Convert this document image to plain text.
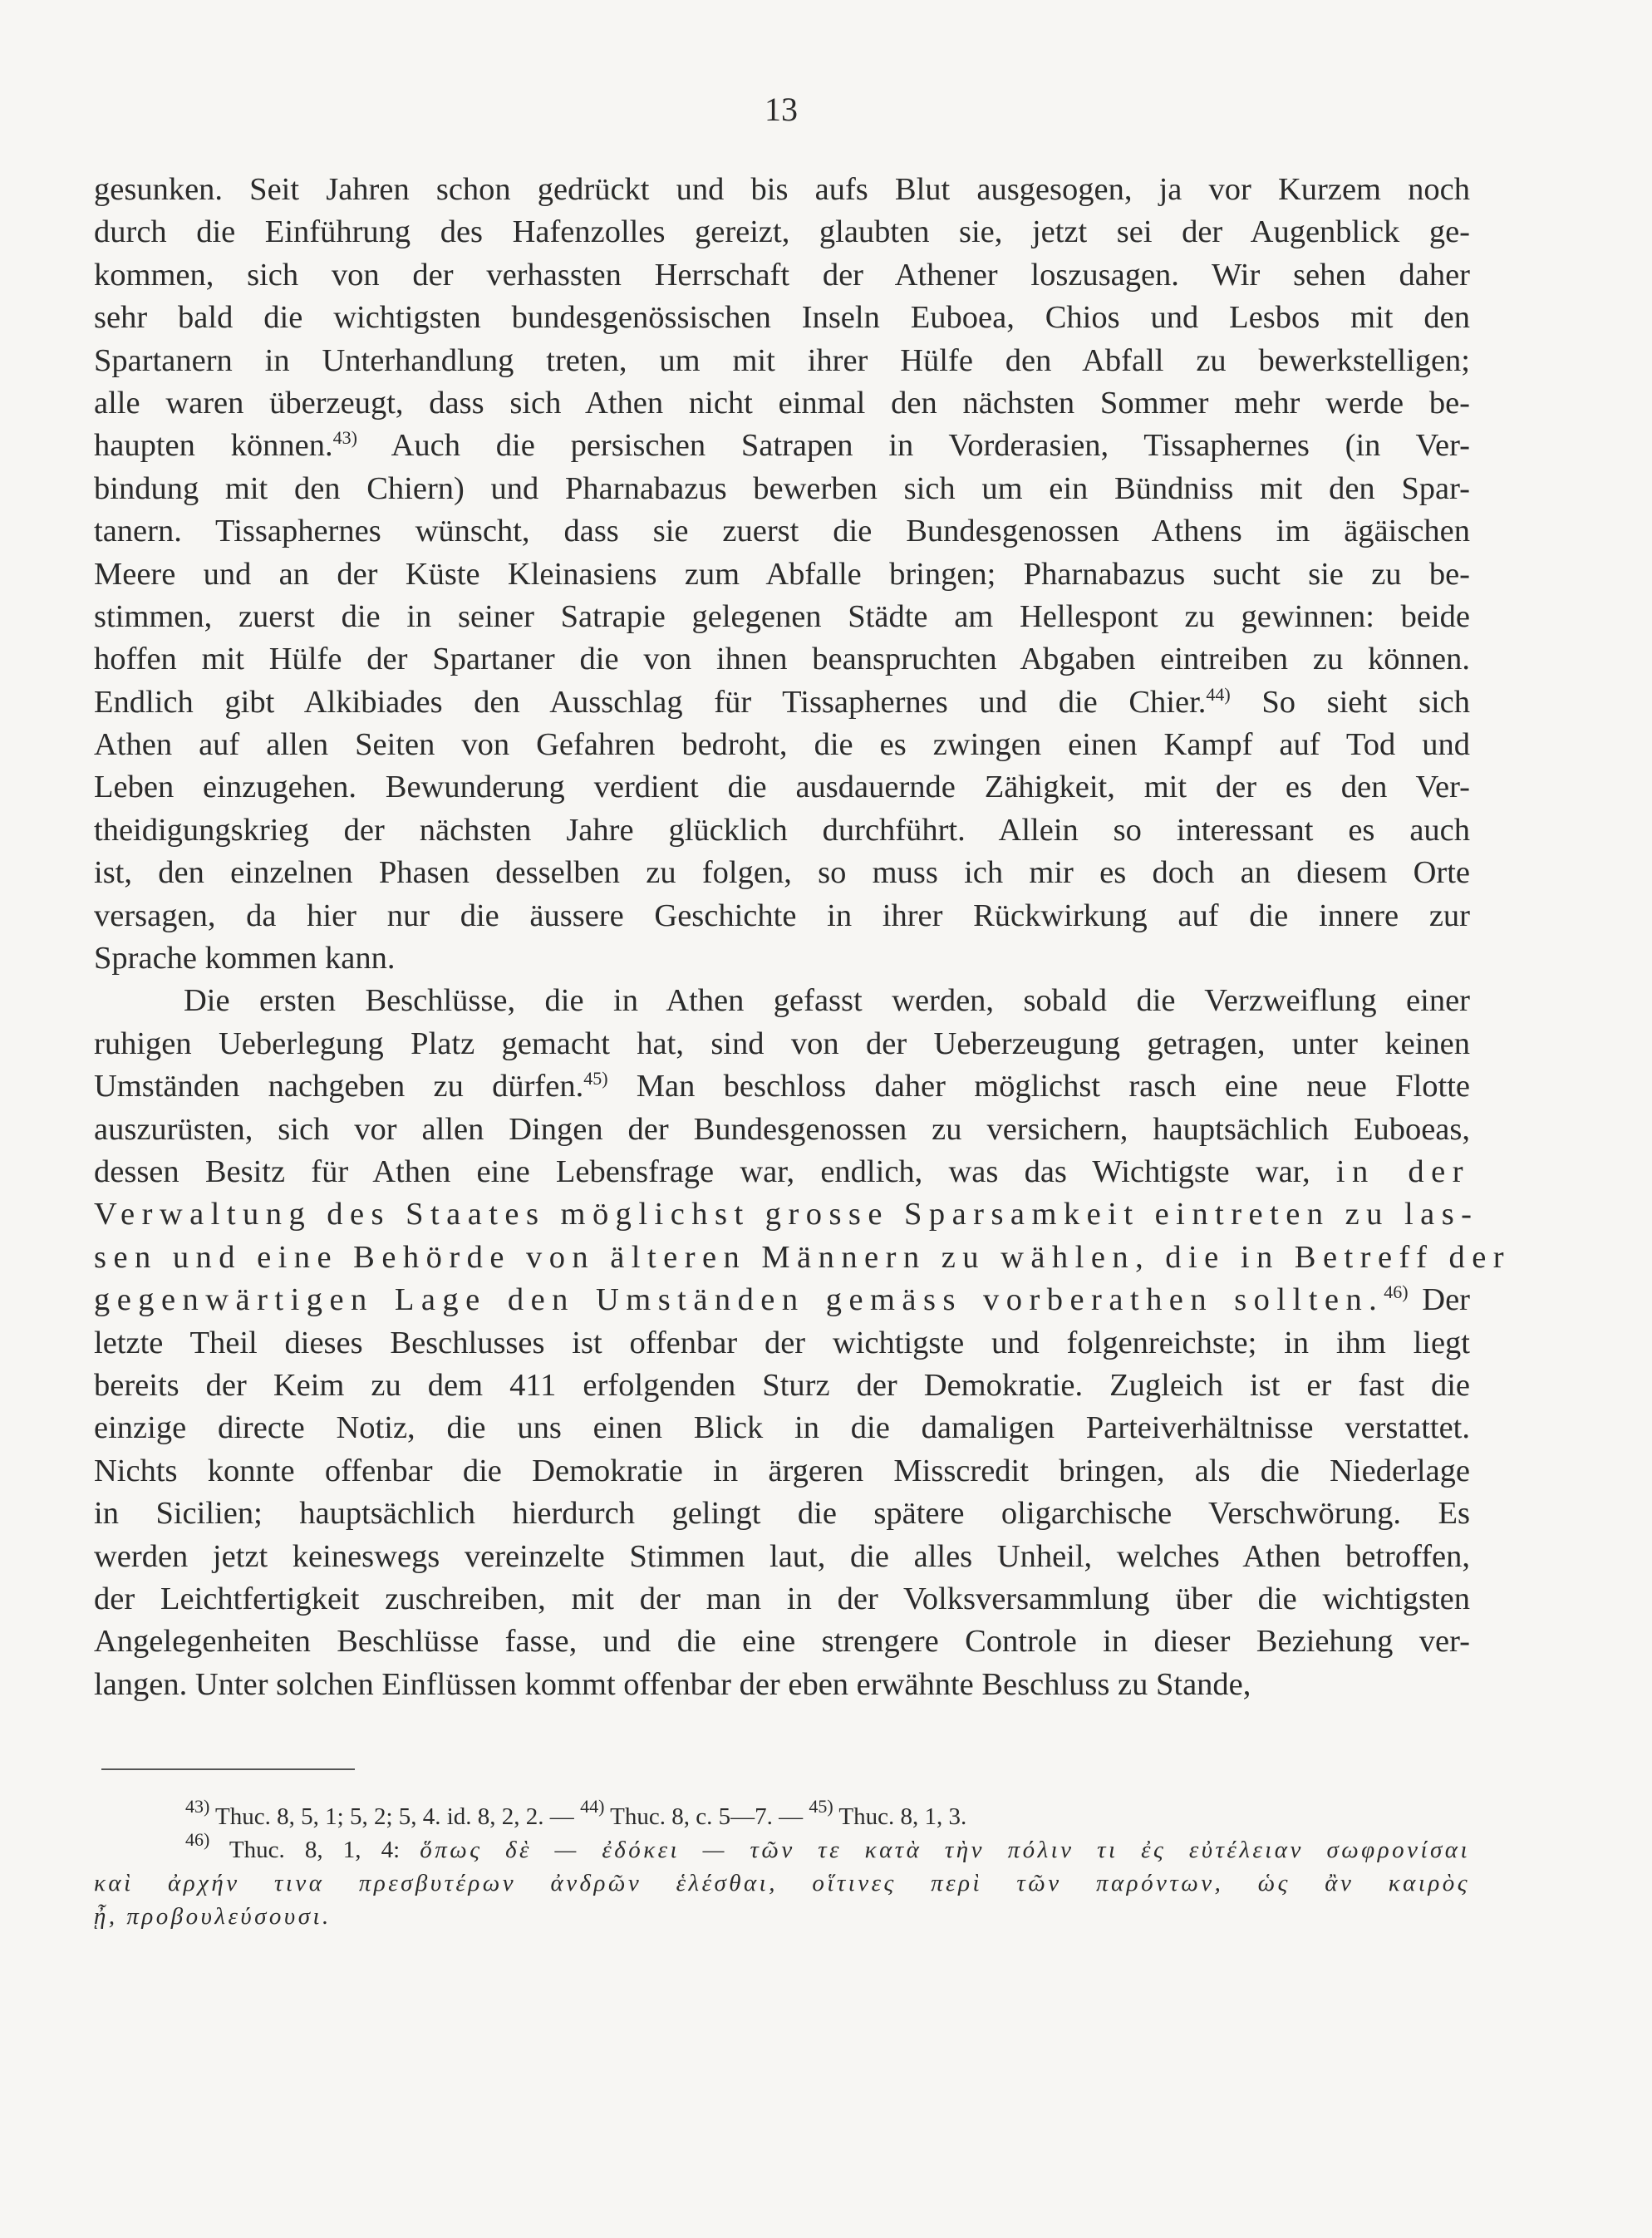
13
gesunken. Seit Jahren schon gedrückt und bis aufs Blut ausgesogen, ja vor Kurzem noch
durch die Einführung des Hafenzolles gereizt, glaubten sie, jetzt sei der Augenblick ge-
kommen, sich von der verhassten Herrschaft der Athener loszusagen. Wir sehen daher
sehr bald die wichtigsten bundesgenössischen Inseln Euboea, Chios und Lesbos mit den
Spartanern in Unterhandlung treten, um mit ihrer Hülfe den Abfall zu bewerkstelligen;
alle waren überzeugt, dass sich Athen nicht einmal den nächsten Sommer mehr werde be-
haupten können.$^{43)}$ Auch die persischen Satrapen in Vorderasien, Tissaphernes (in Ver-
bindung mit den Chiern) und Pharnabazus bewerben sich um ein Bündniss mit den Spar-
tanern. Tissaphernes wünscht, dass sie zuerst die Bundesgenossen Athens im ägäischen
Meere und an der Küste Kleinasiens zum Abfalle bringen; Pharnabazus sucht sie zu be-
stimmen, zuerst die in seiner Satrapie gelegenen Städte am Hellespont zu gewinnen: beide
hoffen mit Hülfe der Spartaner die von ihnen beanspruchten Abgaben eintreiben zu können.
Endlich gibt Alkibiades den Ausschlag für Tissaphernes und die Chier.$^{44)}$ So sieht sich
Athen auf allen Seiten von Gefahren bedroht, die es zwingen einen Kampf auf Tod und
Leben einzugehen. Bewunderung verdient die ausdauernde Zähigkeit, mit der es den Ver-
theidigungskrieg der nächsten Jahre glücklich durchführt. Allein so interessant es auch
ist, den einzelnen Phasen desselben zu folgen, so muss ich mir es doch an diesem Orte
versagen, da hier nur die äussere Geschichte in ihrer Rückwirkung auf die innere zur
Sprache kommen kann.
Die ersten Beschlüsse, die in Athen gefasst werden, sobald die Verzweiflung einer
ruhigen Ueberlegung Platz gemacht hat, sind von der Ueberzeugung getragen, unter keinen
Umständen nachgeben zu dürfen.$^{45)}$ Man beschloss daher möglichst rasch eine neue Flotte
auszurüsten, sich vor allen Dingen der Bundesgenossen zu versichern, hauptsächlich Euboeas,
dessen Besitz für Athen eine Lebensfrage war, endlich, was das Wichtigste war, in der
Verwaltung des Staates möglichst grosse Sparsamkeit eintreten zu las-
sen und eine Behörde von älteren Männern zu wählen, die in Betreff der
gegenwärtigen Lage den Umständen gemäss vorberathen sollten.$^{46)}$ Der
letzte Theil dieses Beschlusses ist offenbar der wichtigste und folgenreichste; in ihm liegt
bereits der Keim zu dem 411 erfolgenden Sturz der Demokratie. Zugleich ist er fast die
einzige directe Notiz, die uns einen Blick in die damaligen Parteiverhältnisse verstattet.
Nichts konnte offenbar die Demokratie in ärgeren Misscredit bringen, als die Niederlage
in Sicilien; hauptsächlich hierdurch gelingt die spätere oligarchische Verschwörung. Es
werden jetzt keineswegs vereinzelte Stimmen laut, die alles Unheil, welches Athen betroffen,
der Leichtfertigkeit zuschreiben, mit der man in der Volksversammlung über die wichtigsten
Angelegenheiten Beschlüsse fasse, und die eine strengere Controle in dieser Beziehung ver-
langen. Unter solchen Einflüssen kommt offenbar der eben erwähnte Beschluss zu Stande,
$^{43)}$ Thuc. 8, 5, 1; 5, 2; 5, 4. id. 8, 2, 2. — $^{44)}$ Thuc. 8, c. 5—7. — $^{45)}$ Thuc. 8, 1, 3.
$^{46)}$ Thuc. 8, 1, 4: ὅπως δὲ — ἐδόκει — τῶν τε κατὰ τὴν πόλιν τι ἐς εὐτέλειαν σωφρονίσαι
καὶ ἀρχήν τινα πρεσβυτέρων ἀνδρῶν ἑλέσθαι, οἵτινες περὶ τῶν παρόντων, ὡς ἂν καιρὸς
ᾖ, προβουλεύσουσι.
